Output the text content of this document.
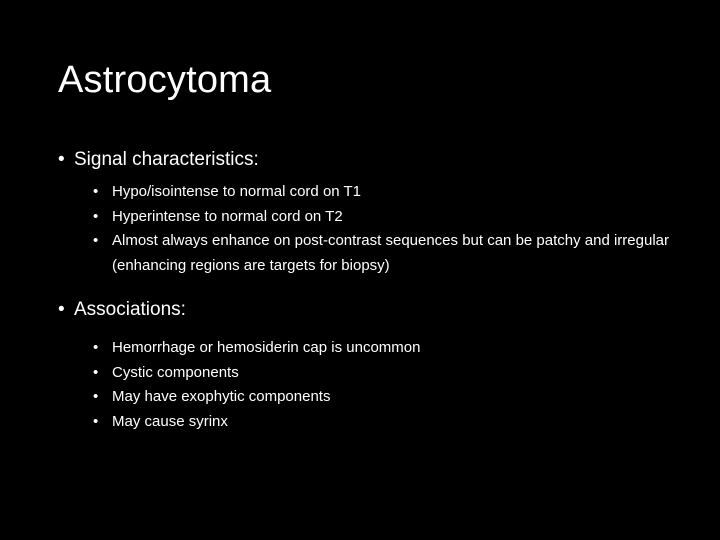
Astrocytoma
• Signal characteristics:
• Hypo/isointense to normal cord on T1
• Hyperintense to normal cord on T2
• Almost always enhance on post-contrast sequences but can be patchy and irregular (enhancing regions are targets for biopsy)
• Associations:
• Hemorrhage or hemosiderin cap is uncommon
• Cystic components
• May have exophytic components
• May cause syrinx
